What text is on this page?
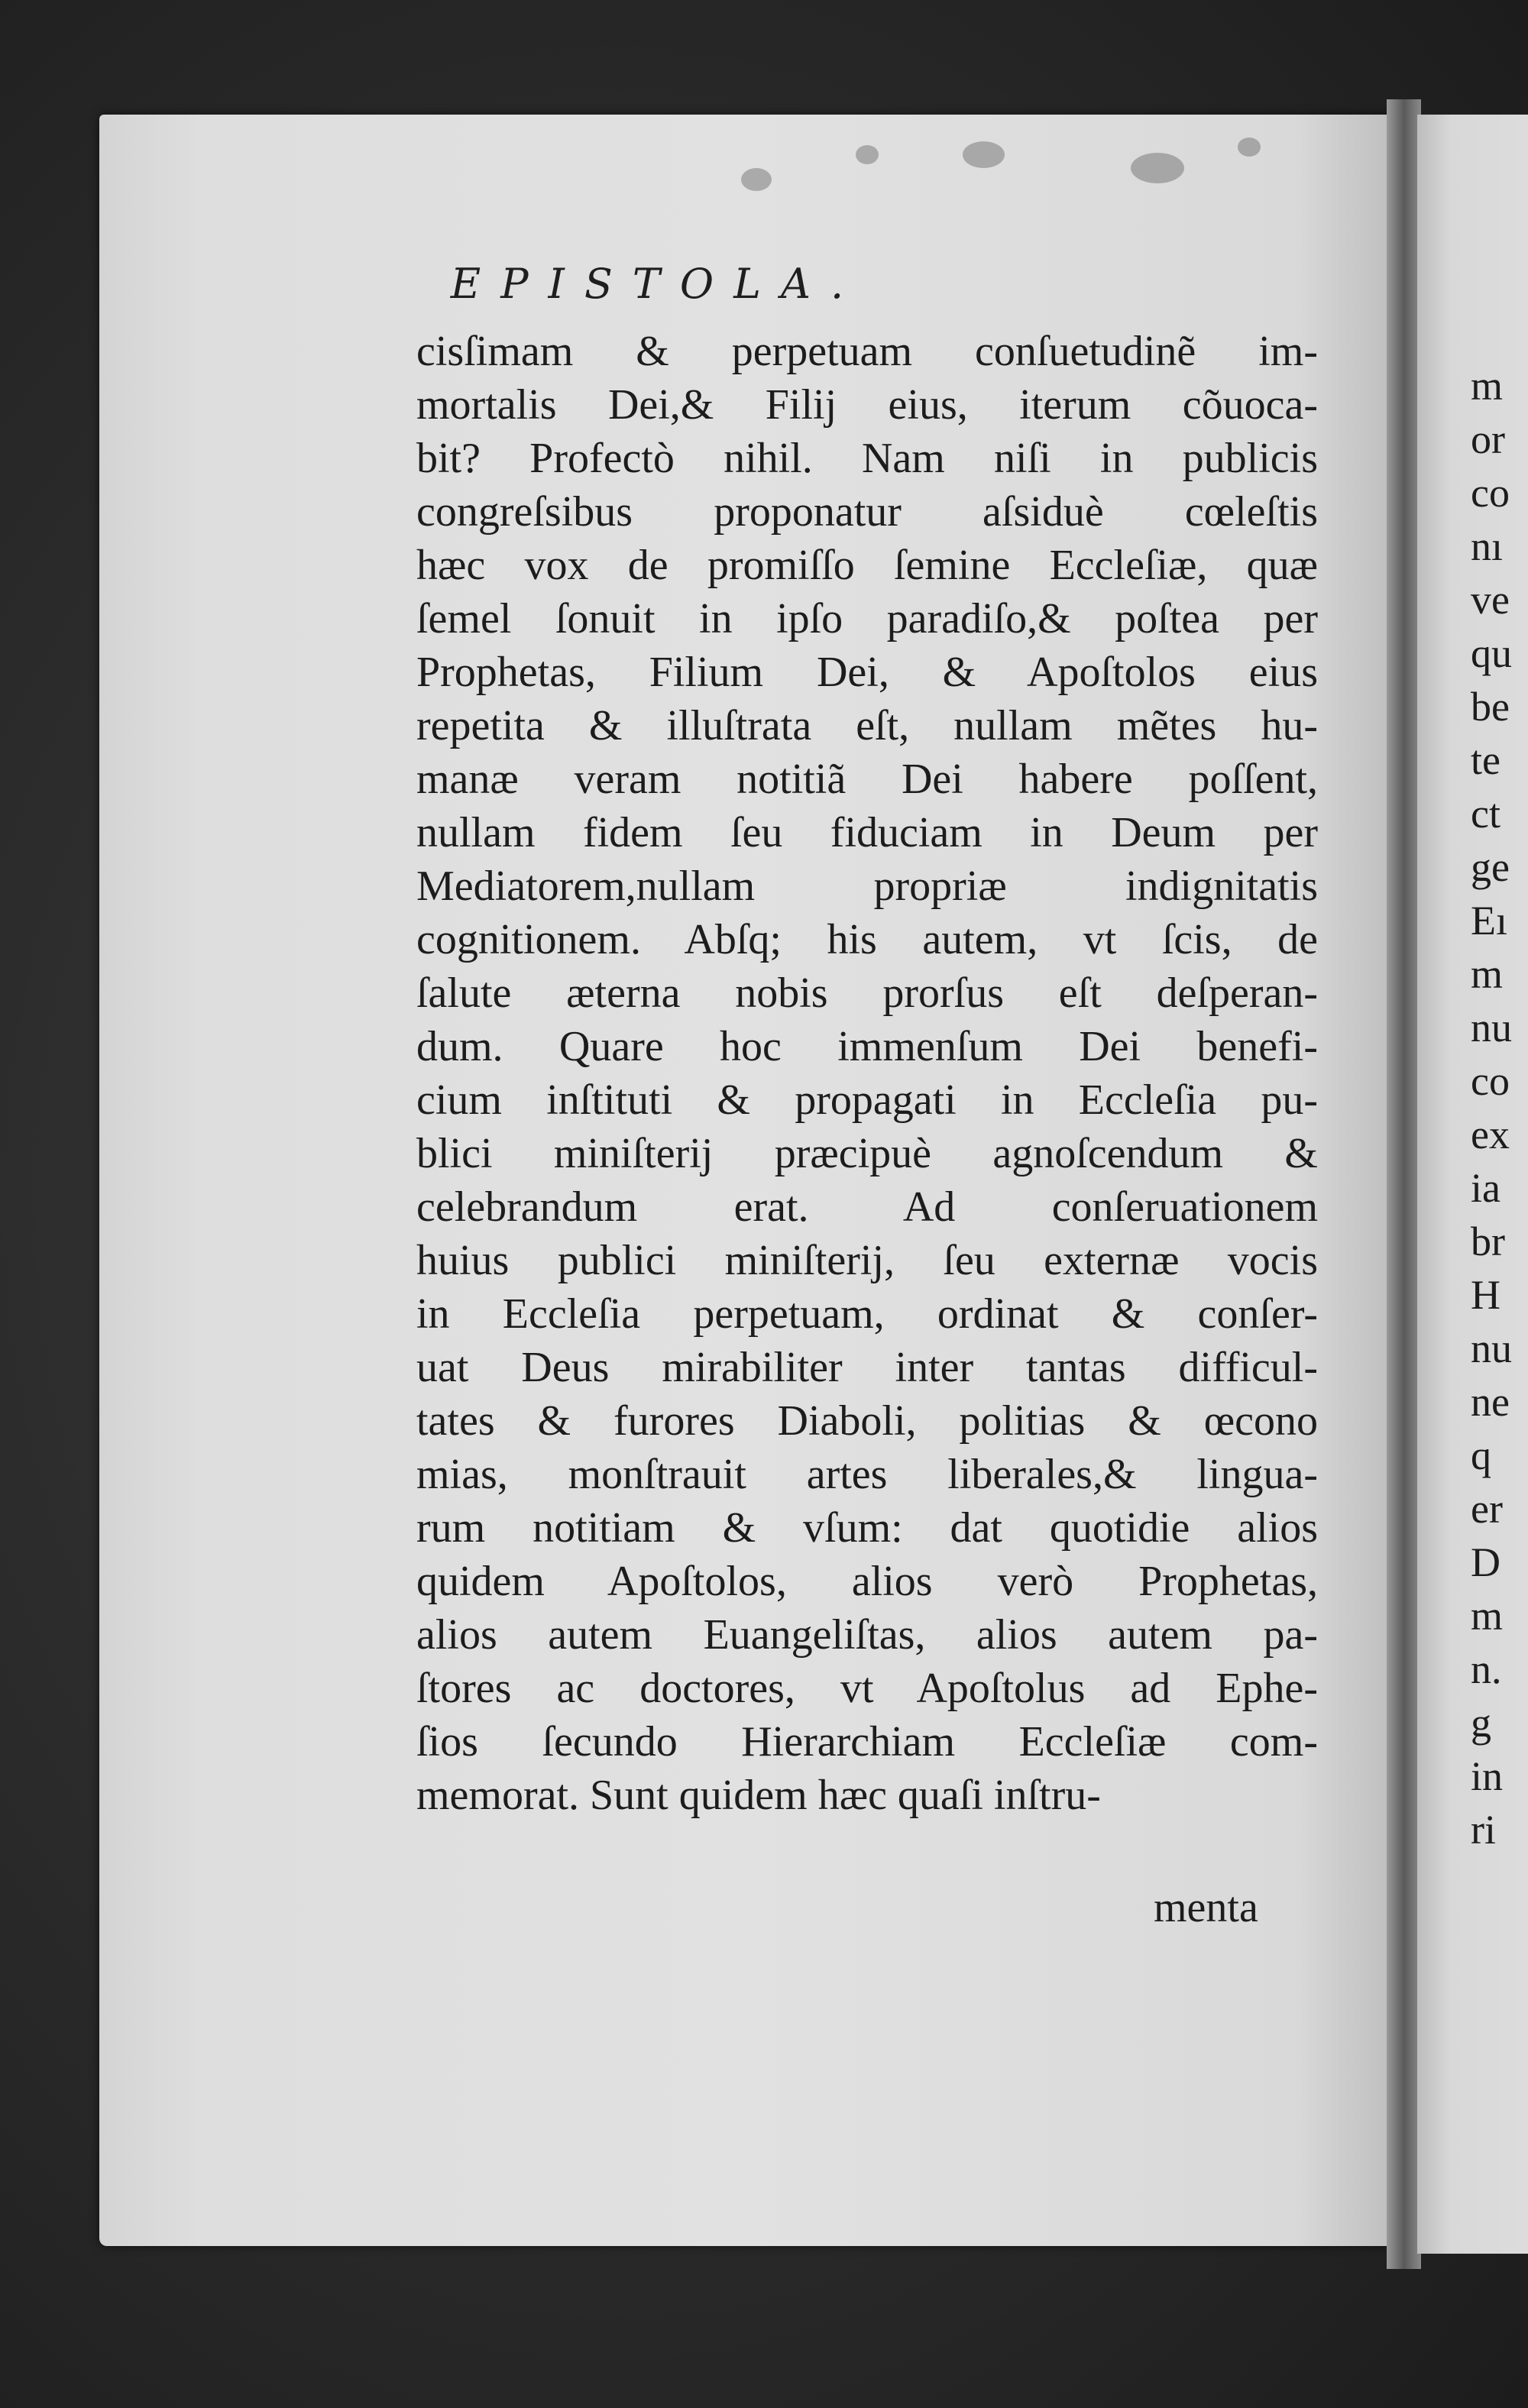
EPISTOLA.
cisſimam & perpetuam conſuetudinẽ im-
mortalis Dei,& Filij eius, iterum cõuoca-
bit? Profectò nihil. Nam niſi in publicis
congreſsibus proponatur aſsiduè cœleſtis
hæc vox de promiſſo ſemine Eccleſiæ, quæ
ſemel ſonuit in ipſo paradiſo,& poſtea per
Prophetas, Filium Dei, & Apoſtolos eius
repetita & illuſtrata eſt, nullam mẽtes hu-
manæ veram notitiã Dei habere poſſent,
nullam fidem ſeu fiduciam in Deum per
Mediatorem,nullam propriæ indignitatis
cognitionem. Abſq; his autem, vt ſcis, de
ſalute æterna nobis prorſus eſt deſperan-
dum. Quare hoc immenſum Dei benefi-
cium inſtituti & propagati in Eccleſia pu-
blici miniſterij præcipuè agnoſcendum &
celebrandum erat. Ad conſeruationem
huius publici miniſterij, ſeu externæ vocis
in Eccleſia perpetuam, ordinat & conſer-
uat Deus mirabiliter inter tantas difficul-
tates & furores Diaboli, politias & œcono
mias, monſtrauit artes liberales,& lingua-
rum notitiam & vſum: dat quotidie alios
quidem Apoſtolos, alios verò Prophetas,
alios autem Euangeliſtas, alios autem pa-
ſtores ac doctores, vt Apoſtolus ad Ephe-
ſios ſecundo Hierarchiam Eccleſiæ com-
memorat. Sunt quidem hæc quaſi inſtru-
menta
m
or
co
nı
ve
qu
be
te
ct
ge
Eı
m
nu
co
ex
ia
br
H
nu
ne
q
er
D
m
n.
g
in
ri
